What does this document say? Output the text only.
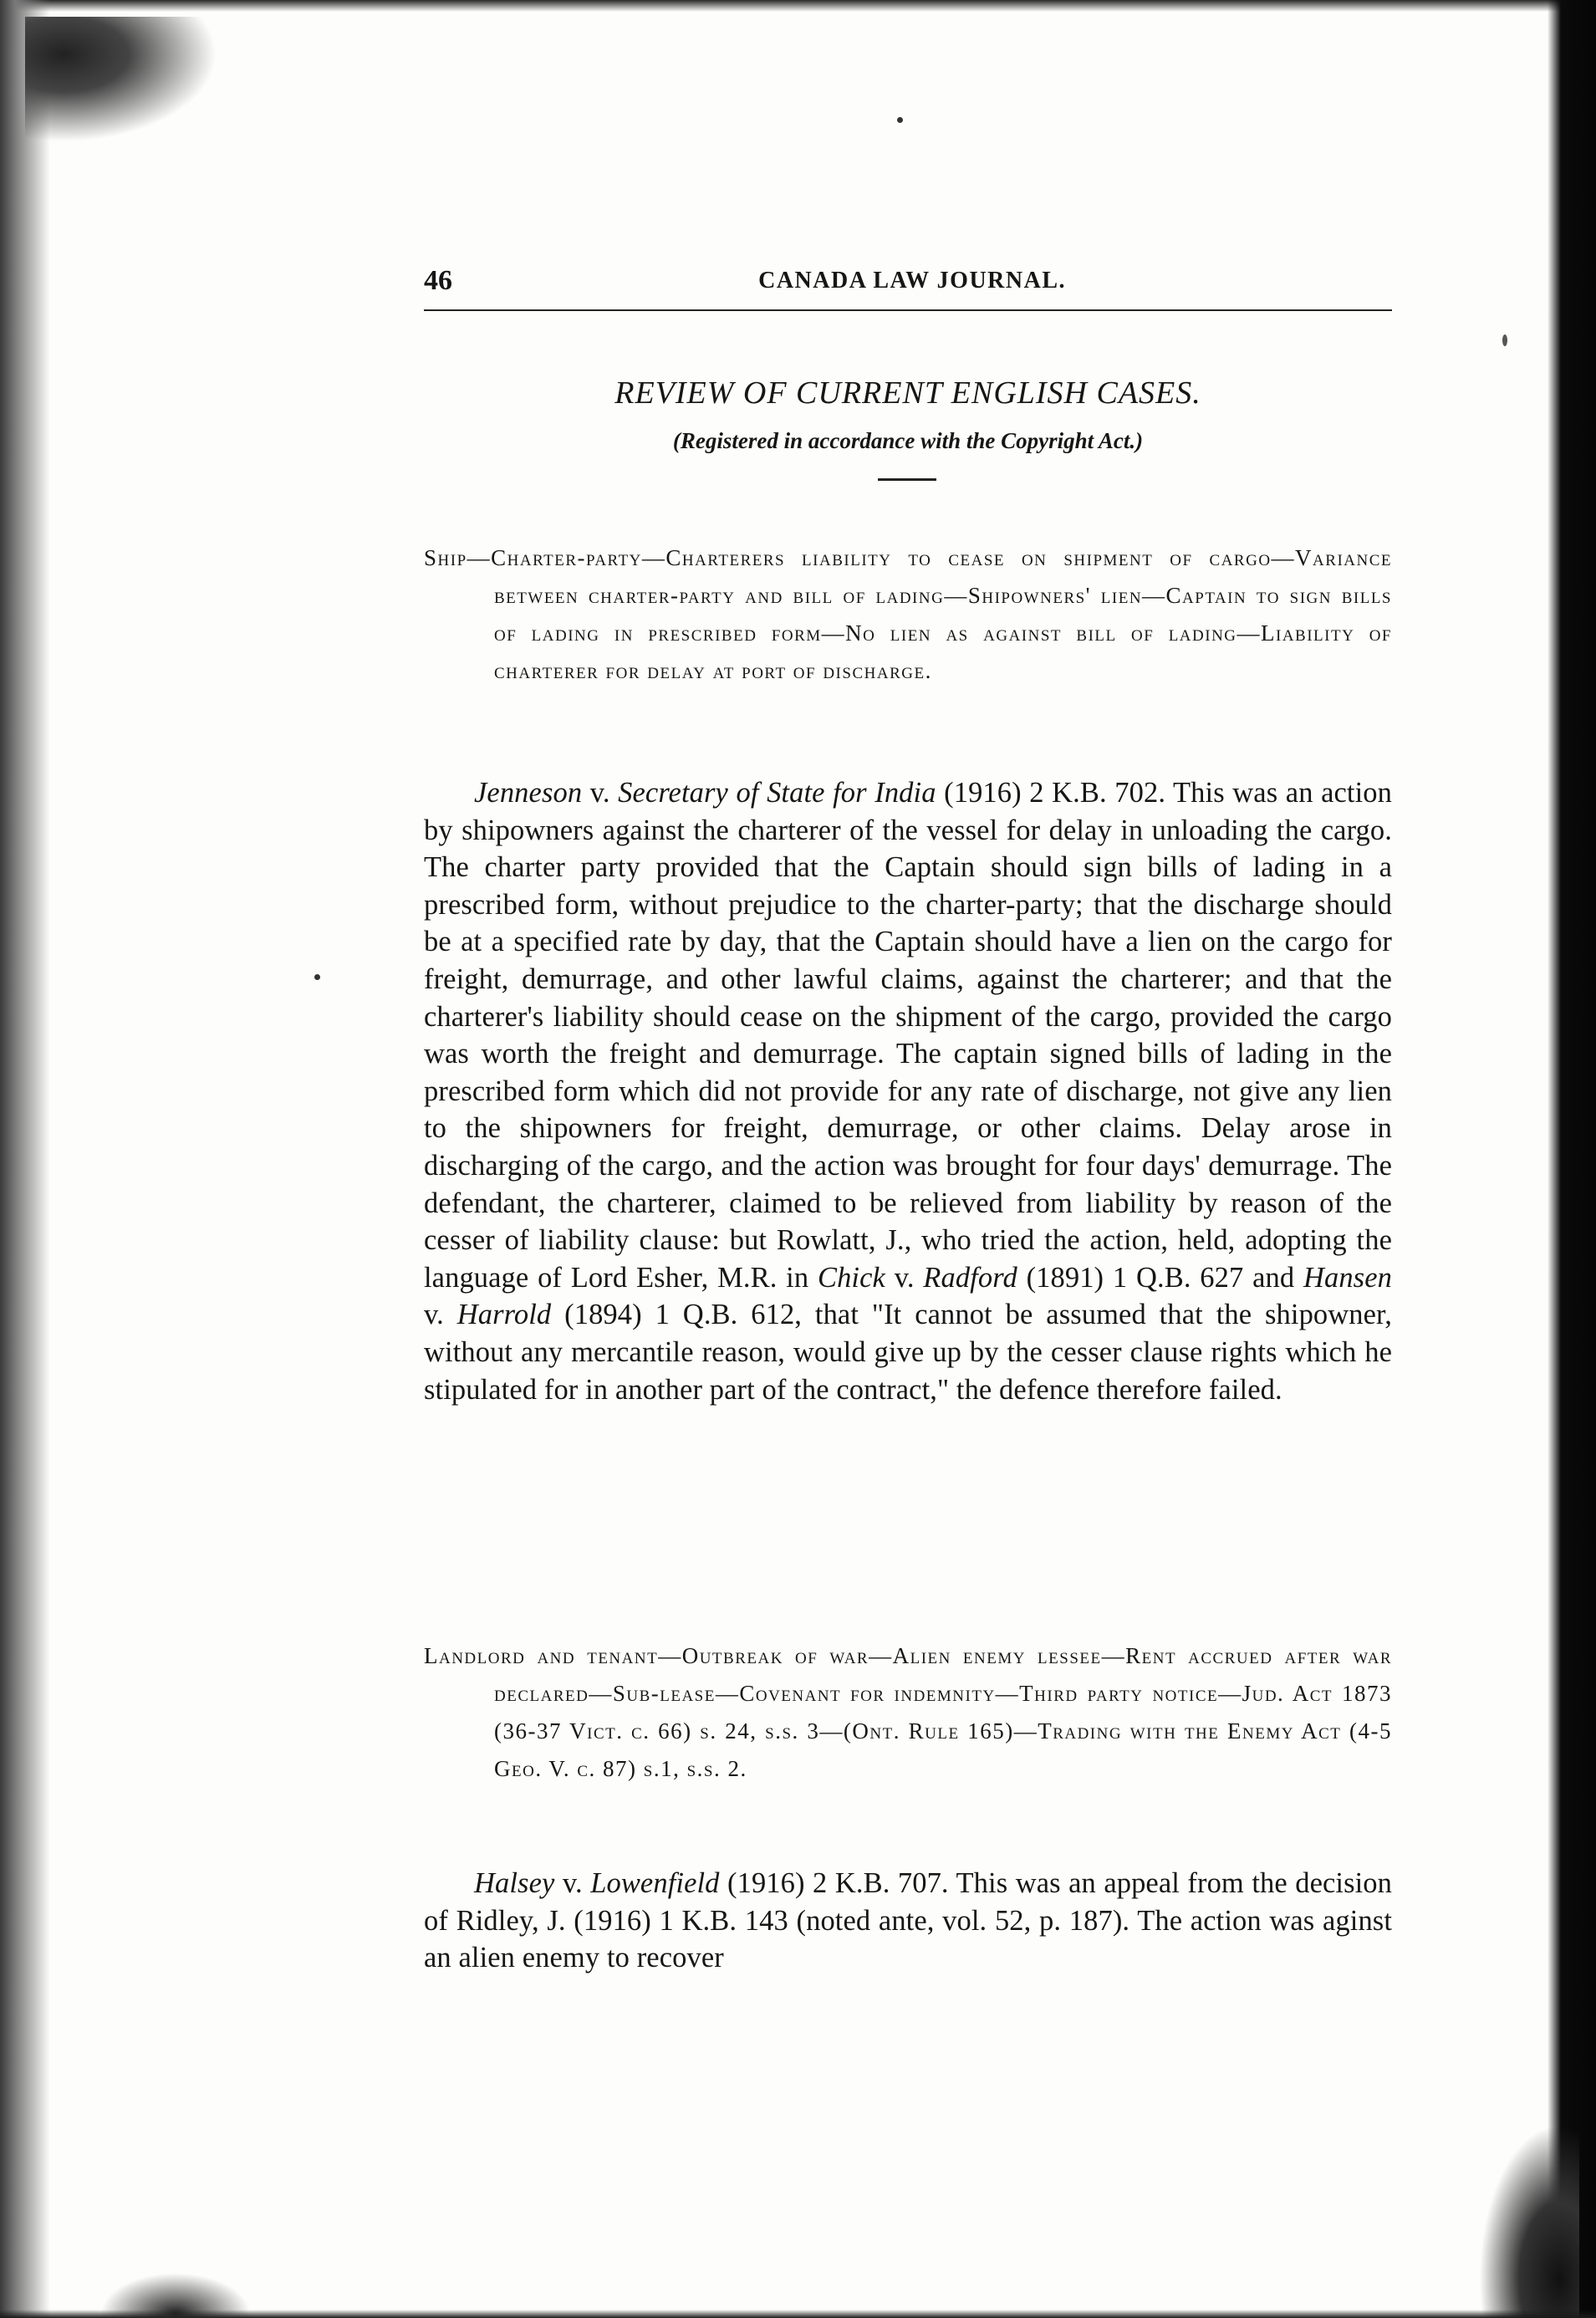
46	CANADA LAW JOURNAL.
REVIEW OF CURRENT ENGLISH CASES.
(Registered in accordance with the Copyright Act.)
Ship—Charter-party—Charterers liability to cease on shipment of cargo—Variance between charter-party and bill of lading—Shipowners' lien—Captain to sign bills of lading in prescribed form—No lien as against bill of lading—Liability of charterer for delay at port of discharge.
Jenneson v. Secretary of State for India (1916) 2 K.B. 702. This was an action by shipowners against the charterer of the vessel for delay in unloading the cargo. The charter party provided that the Captain should sign bills of lading in a prescribed form, without prejudice to the charter-party; that the discharge should be at a specified rate by day, that the Captain should have a lien on the cargo for freight, demurrage, and other lawful claims, against the charterer; and that the charterer's liability should cease on the shipment of the cargo, provided the cargo was worth the freight and demurrage. The captain signed bills of lading in the prescribed form which did not provide for any rate of discharge, not give any lien to the shipowners for freight, demurrage, or other claims. Delay arose in discharging of the cargo, and the action was brought for four days' demurrage. The defendant, the charterer, claimed to be relieved from liability by reason of the cesser of liability clause: but Rowlatt, J., who tried the action, held, adopting the language of Lord Esher, M.R. in Chick v. Radford (1891) 1 Q.B. 627 and Hansen v. Harrold (1894) 1 Q.B. 612, that "It cannot be assumed that the shipowner, without any mercantile reason, would give up by the cesser clause rights which he stipulated for in another part of the contract," the defence therefore failed.
Landlord and tenant—Outbreak of war—Alien enemy lessee—Rent accrued after war declared—Sub-lease—Covenant for indemnity—Third party notice—Jud. Act 1873 (36-37 Vict. c. 66) s. 24, s.s. 3—(Ont. Rule 165)—Trading with the Enemy Act (4-5 Geo. V. c. 87) s.1, s.s. 2.
Halsey v. Lowenfield (1916) 2 K.B. 707. This was an appeal from the decision of Ridley, J. (1916) 1 K.B. 143 (noted ante, vol. 52, p. 187). The action was aginst an alien enemy to recover
